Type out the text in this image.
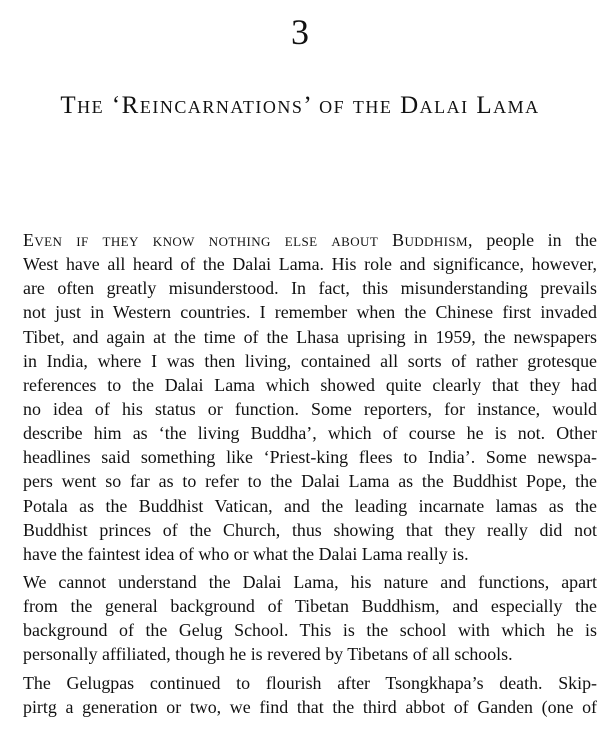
3
The ‘Reincarnations’ of the Dalai Lama
Even if they know nothing else about Buddhism, people in the
West have all heard of the Dalai Lama. His role and significance, however,
are often greatly misunderstood. In fact, this misunderstanding prevails
not just in Western countries. I remember when the Chinese first invaded
Tibet, and again at the time of the Lhasa uprising in 1959, the newspapers
in India, where I was then living, contained all sorts of rather grotesque
references to the Dalai Lama which showed quite clearly that they had
no idea of his status or function. Some reporters, for instance, would
describe him as ‘the living Buddha’, which of course he is not. Other
headlines said something like ‘Priest-king flees to India’. Some newspa-
pers went so far as to refer to the Dalai Lama as the Buddhist Pope, the
Potala as the Buddhist Vatican, and the leading incarnate lamas as the
Buddhist princes of the Church, thus showing that they really did not
have the faintest idea of who or what the Dalai Lama really is.
We cannot understand the Dalai Lama, his nature and functions, apart
from the general background of Tibetan Buddhism, and especially the
background of the Gelug School. This is the school with which he is
personally affiliated, though he is revered by Tibetans of all schools.
The Gelugpas continued to flourish after Tsongkhapa’s death. Skip-
pirtg a generation or two, we find that the third abbot of Ganden (one of
